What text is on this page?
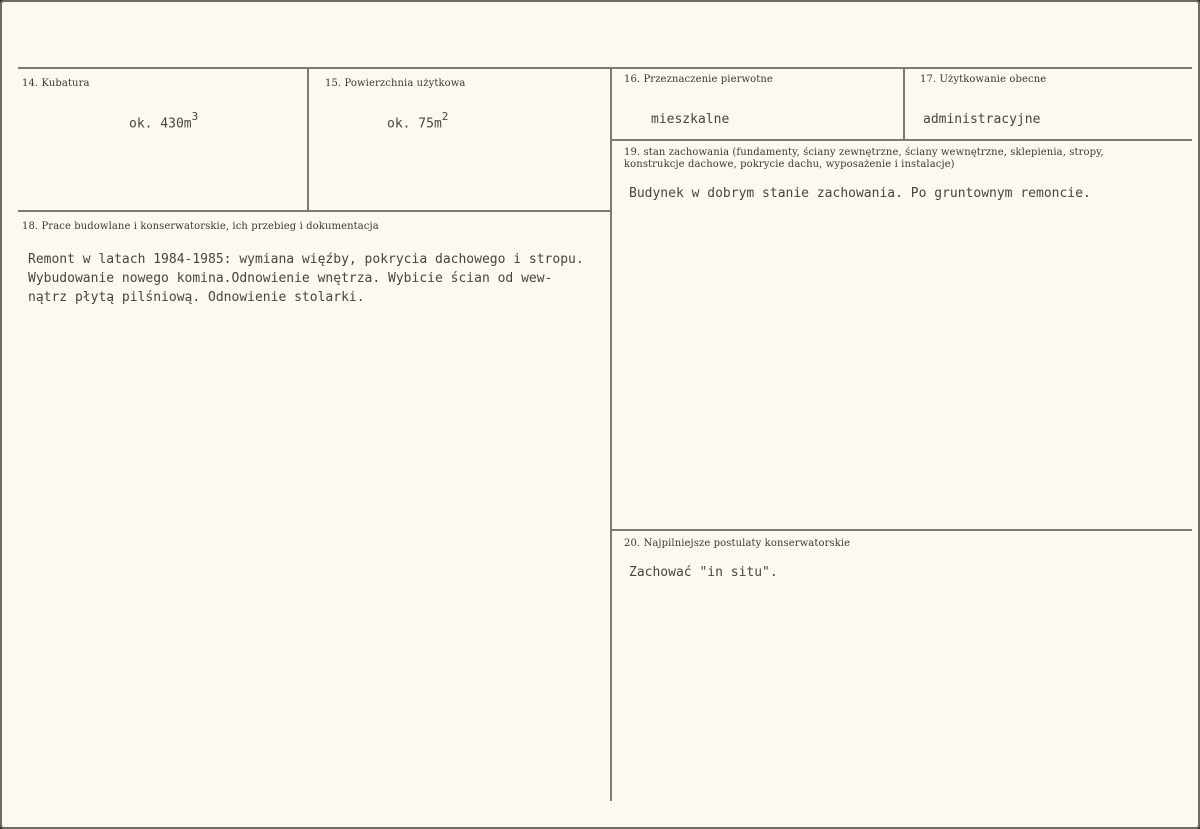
14. Kubatura
ok. $430m^3$
15. Powierzchnia użytkowa
ok. $75m^2$
16. Przeznaczenie pierwotne
mieszkalne
17. Użytkowanie obecne
administracyjne
18. Prace budowlane i konserwatorskie, ich przebieg i dokumentacja
Remont w latach 1984-1985: wymiana więźby, pokrycia dachowego i stropu.
Wybudowanie nowego komina.Odnowienie wnętrza. Wybicie ścian od wew-
nątrz płytą pilśniową. Odnowienie stolarki.
19. stan zachowania (fundamenty, ściany zewnętrzne, ściany wewnętrzne, sklepienia, stropy, konstrukcje dachowe, pokrycie dachu, wyposażenie i instalacje)
Budynek w dobrym stanie zachowania. Po gruntownym remoncie.
20. Najpilniejsze postulaty konserwatorskie
Zachować "in situ".
